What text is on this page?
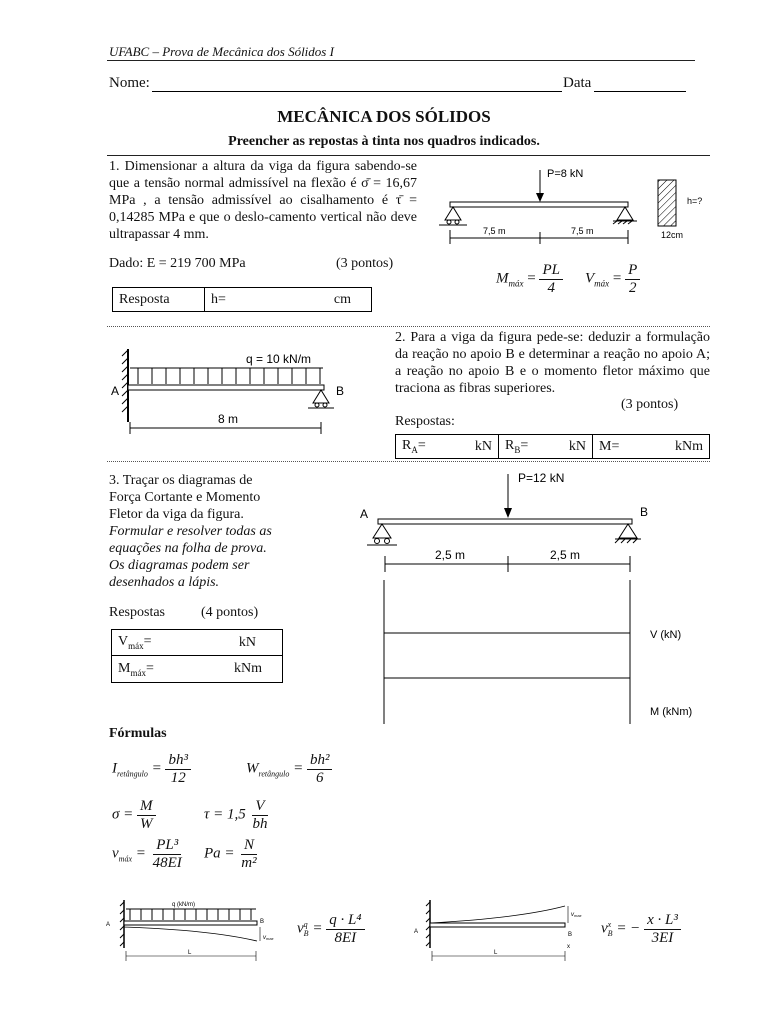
UFABC – Prova de Mecânica dos Sólidos I
Nome:	Data
MECÂNICA DOS SÓLIDOS
Preencher as repostas à tinta nos quadros indicados.
1. Dimensionar a altura da viga da figura sabendo-se que a tensão normal admissível na flexão é σ̄ = 16,67 MPa , a tensão admissível ao cisalhamento é τ̄ = 0,14285 MPa e que o deslo-camento vertical não deve ultrapassar 4 mm.
Dado: E = 219 700 MPa	(3 pontos)
Resposta	h=	cm
P=8 kN
7,5 m	7,5 m
h=?
12cm
$M_{máx} = \frac{PL}{4} V_{máx} = \frac{P}{2}$
2. Para a viga da figura pede-se: deduzir a formulação da reação no apoio B e determinar a reação no apoio A; a reação no apoio B e o momento fletor máximo que traciona as fibras superiores.
(3 pontos)
Respostas:
$R_A=$	kN $R_B=$	kN M=	kNm
q = 10 kN/m
A	B
8 m
3. Traçar os diagramas de Força Cortante e Momento Fletor da viga da figura. Formular e resolver todas as equações na folha de prova. Os diagramas podem ser desenhados a lápis.
Respostas	(4 pontos)
$V_{máx}=$	kN
$M_{máx}=$	kNm
P=12 kN
A	B
2,5 m	2,5 m
V (kN)
M (kNm)
Fórmulas
$I_{retângulo} = \frac{\text{bh³}}{12}$	$W_{retângulo} = \frac{\text{bh²}}{6}$
$\sigma = \frac{M}{W}$	$\tau = 1,5 \frac{V}{bh}$
$v_{máx} = \frac{\text{PL³}}{48EI}$ $Pa = \frac{N}{\text{m²}}$
q (kN/m)
A	B
vmax
L
v q
$B = \frac{\text{q · L⁴}}{8EI}$	A	B
x
vmax
L
v x
B = − $\frac{\text{x · L³}}{3EI}$
